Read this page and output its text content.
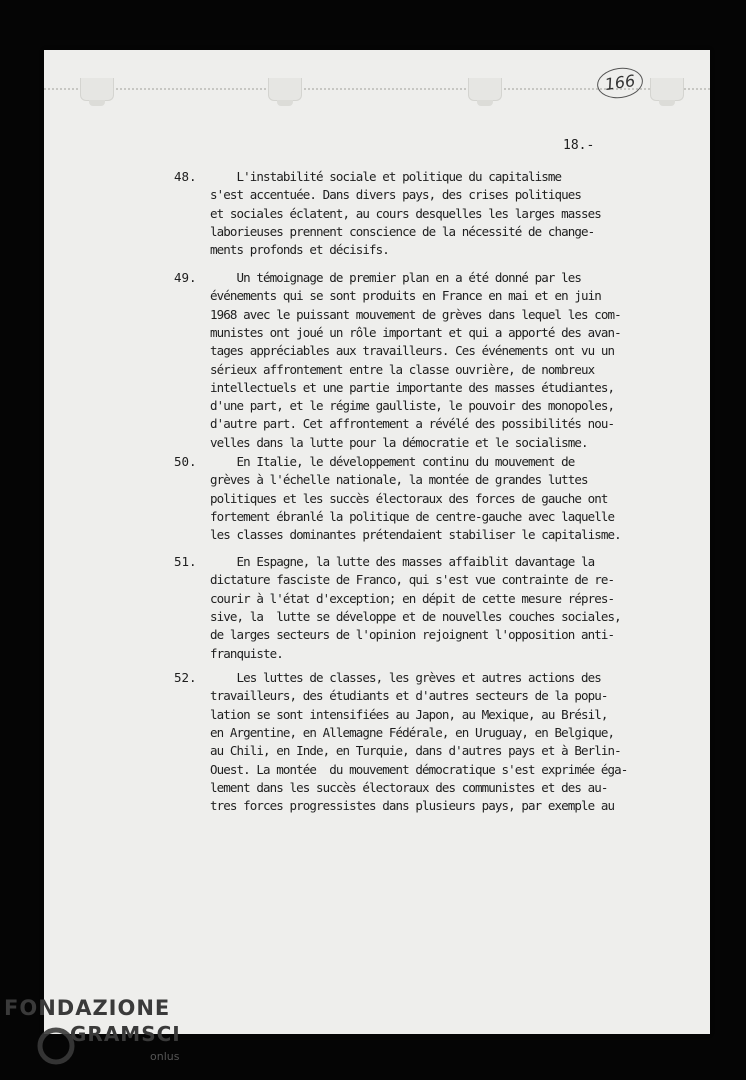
166
18.-
48. L'instabilité sociale et politique du capitalisme
s'est accentuée. Dans divers pays, des crises politiques
et sociales éclatent, au cours desquelles les larges masses
laborieuses prennent conscience de la nécessité de change-
ments profonds et décisifs.
49. Un témoignage de premier plan en a été donné par les
événements qui se sont produits en France en mai et en juin
1968 avec le puissant mouvement de grèves dans lequel les com-
munistes ont joué un rôle important et qui a apporté des avan-
tages appréciables aux travailleurs. Ces événements ont vu un
sérieux affrontement entre la classe ouvrière, de nombreux
intellectuels et une partie importante des masses étudiantes,
d'une part, et le régime gaulliste, le pouvoir des monopoles,
d'autre part. Cet affrontement a révélé des possibilités nou-
velles dans la lutte pour la démocratie et le socialisme.
50. En Italie, le développement continu du mouvement de
grèves à l'échelle nationale, la montée de grandes luttes
politiques et les succès électoraux des forces de gauche ont
fortement ébranlé la politique de centre-gauche avec laquelle
les classes dominantes prétendaient stabiliser le capitalisme.
51. En Espagne, la lutte des masses affaiblit davantage la
dictature fasciste de Franco, qui s'est vue contrainte de re-
courir à l'état d'exception; en dépit de cette mesure répres-
sive, la  lutte se développe et de nouvelles couches sociales,
de larges secteurs de l'opinion rejoignent l'opposition anti-
franquiste.
52. Les luttes de classes, les grèves et autres actions des
travailleurs, des étudiants et d'autres secteurs de la popu-
lation se sont intensifiées au Japon, au Mexique, au Brésil,
en Argentine, en Allemagne Fédérale, en Uruguay, en Belgique,
au Chili, en Inde, en Turquie, dans d'autres pays et à Berlin-
Ouest. La montée  du mouvement démocratique s'est exprimée éga-
lement dans les succès électoraux des communistes et des au-
tres forces progressistes dans plusieurs pays, par exemple au
FONDAZIONE
GRAMSCI
onlus
